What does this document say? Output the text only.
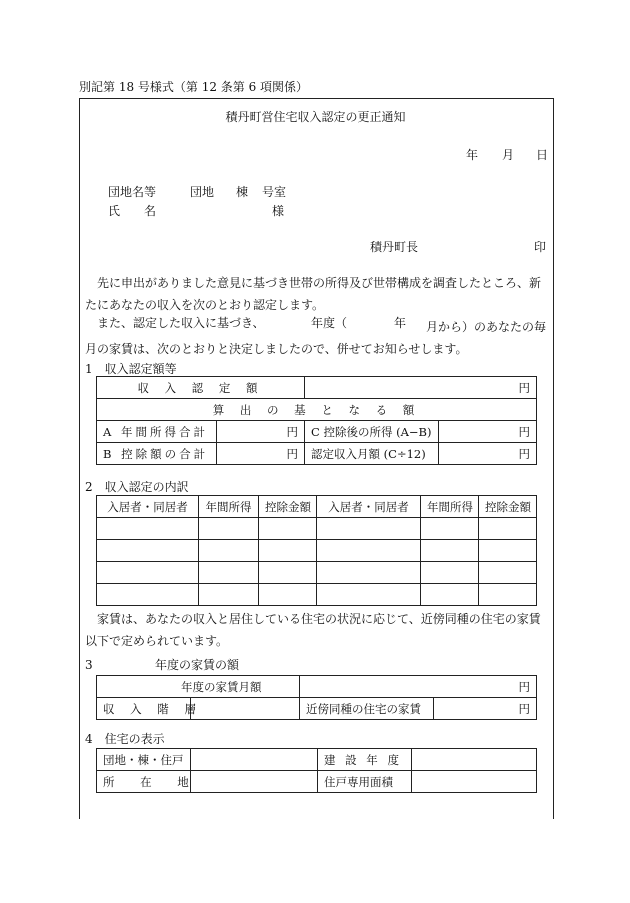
別記第 18 号様式（第 12 条第 6 項関係）
積丹町営住宅収入認定の更正通知
年 月 日
団地名等	団地 棟 号室
氏　　名	様
積丹町長	印
先に申出がありました意見に基づき世帯の所得及び世帯構成を調査したところ、新たにあなたの収入を次のとおり認定します。
また、認定した収入に基づき、	年度（	年	月から）のあなたの毎月の家賃は、次のとおりと決定しましたので、併せてお知らせします。
1　収入認定額等
収 入 認 定 額		円	
算 出 の 基 と な る 額			
A 年間所得合計	円	C 控除後の所得 (A−B)	円
B 控除額の合計	円	認定収入月額 (C÷12)	円
2　収入認定の内訳
入居者・同居者	年間所得	控除金額	入居者・同居者	年間所得	控除金額

家賃は、あなたの収入と居住している住宅の状況に応じて、近傍同種の住宅の家賃以下で定められています。
3	年度の家賃の額
年度の家賃月額		円	
収 入 階 層		近傍同種の住宅の家賃	円
4　住宅の表示
団地・棟・住戸		建 設 年 度	
所 在 地		住戸専用面積	
